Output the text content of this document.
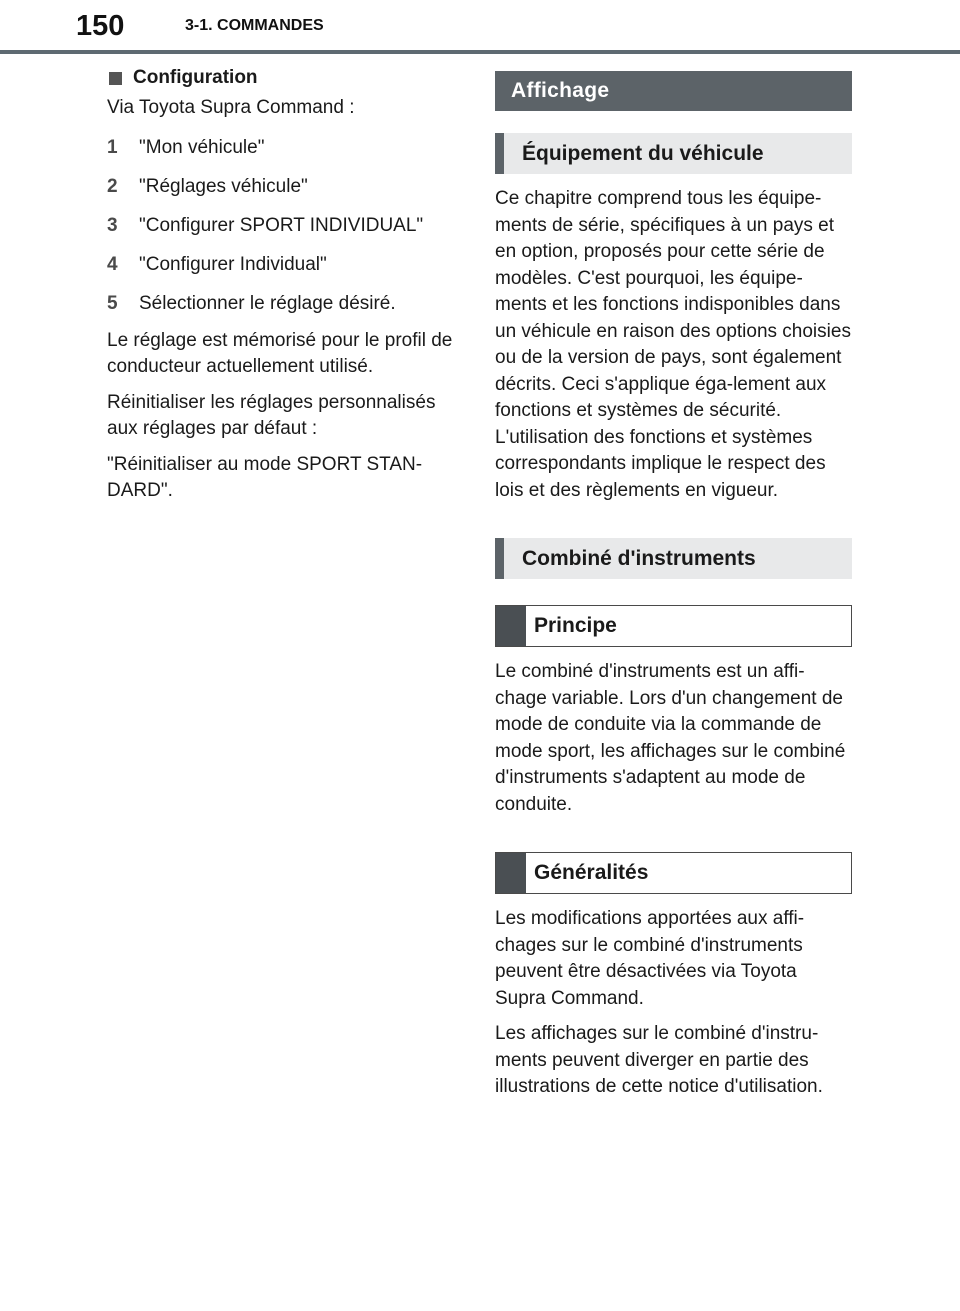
150	3-1. COMMANDES
Configuration

Via Toyota Supra Command :

1	"Mon véhicule"
2	"Réglages véhicule"
3	"Configurer SPORT INDIVIDUAL"
4	"Configurer Individual"
5	Sélectionner le réglage désiré.

Le réglage est mémorisé pour le profil de conducteur actuellement utilisé.

Réinitialiser les réglages personnalisés aux réglages par défaut :

"Réinitialiser au mode SPORT STAN-DARD".

Affichage
Équipement du véhicule

Ce chapitre comprend tous les équipe-ments de série, spécifiques à un pays et en option, proposés pour cette série de modèles. C'est pourquoi, les équipe-ments et les fonctions indisponibles dans un véhicule en raison des options choisies ou de la version de pays, sont également décrits. Ceci s'applique éga-lement aux fonctions et systèmes de sécurité. L'utilisation des fonctions et systèmes correspondants implique le respect des lois et des règlements en vigueur.

Combiné d'instruments
Principe

Le combiné d'instruments est un affi-chage variable. Lors d'un changement de mode de conduite via la commande de mode sport, les affichages sur le combiné d'instruments s'adaptent au mode de conduite.

Généralités

Les modifications apportées aux affi-chages sur le combiné d'instruments peuvent être désactivées via Toyota Supra Command.

Les affichages sur le combiné d'instru-ments peuvent diverger en partie des illustrations de cette notice d'utilisation.
